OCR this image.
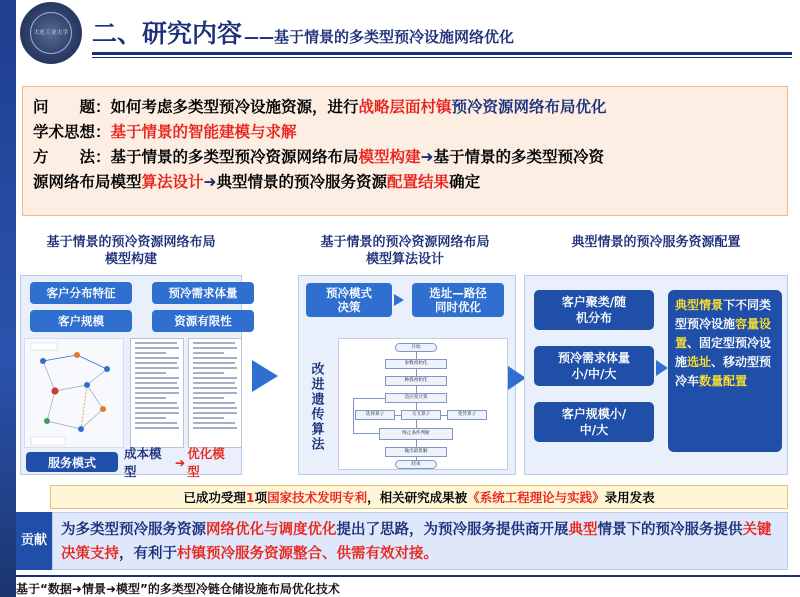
大连工业大学 二、研究内容 ——基于情景的多类型预冷设施网络优化
问　　题：如何考虑多类型预冷设施资源，进行战略层面村镇预冷资源网络布局优化
学术思想：基于情景的智能建模与求解
方　　法：基于情景的多类型预冷资源网络布局模型构建➜基于情景的多类型预冷资
源网络布局模型算法设计➜典型情景的预冷服务资源配置结果确定
基于情景的预冷资源网络布局
模型构建
基于情景的预冷资源网络布局
模型算法设计
典型情景的预冷服务资源配置
客户分布特征	预冷需求体量
客户规模	资源有限性
服务模式
成本模型
➜
优化模型
预冷模式
决策
选址—路径
同时优化
改进遗传算法
开始
参数初始化
种群初始化
适应度计算
选择算子	交叉算子	变异算子
终止条件判断
输出最优解
结束
客户聚类/随
机分布
预冷需求体量
小/中/大
客户规模小/
中/大
典型情景下不同类型预冷设施容量设置、固定型预冷设施选址、移动型预冷车数量配置
已成功受理 1 项 国家技术发明专利 ，相关研究成果被 《系统工程理论与实践》 录用发表
贡献
为多类型预冷服务资源网络优化与调度优化提出了思路，为预冷服务提供商开展典型情景下的预冷服务提供关键决策支持，有利于村镇预冷服务资源整合、供需有效对接。
基于“数据➜情景➜模型”的多类型冷链仓储设施布局优化技术
